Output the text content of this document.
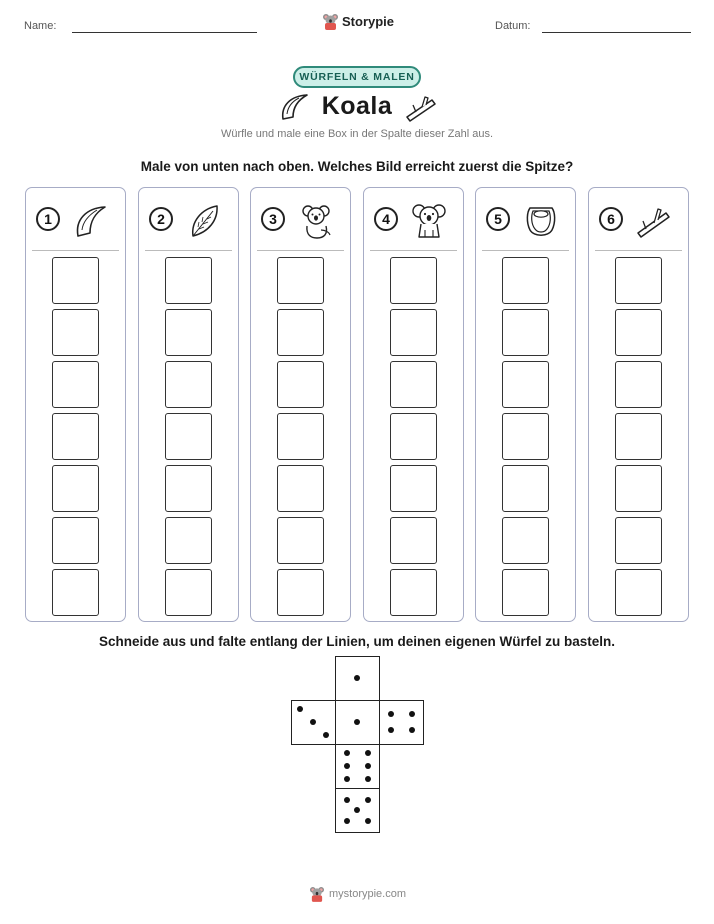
Name:	Storypie	Datum:
WÜRFELN & MALEN
Koala
Würfle und male eine Box in der Spalte dieser Zahl aus.
Male von unten nach oben. Welches Bild erreicht zuerst die Spitze?
1	2	3	4	5	6
Schneide aus und falte entlang der Linien, um deinen eigenen Würfel zu basteln.
mystorypie.com
